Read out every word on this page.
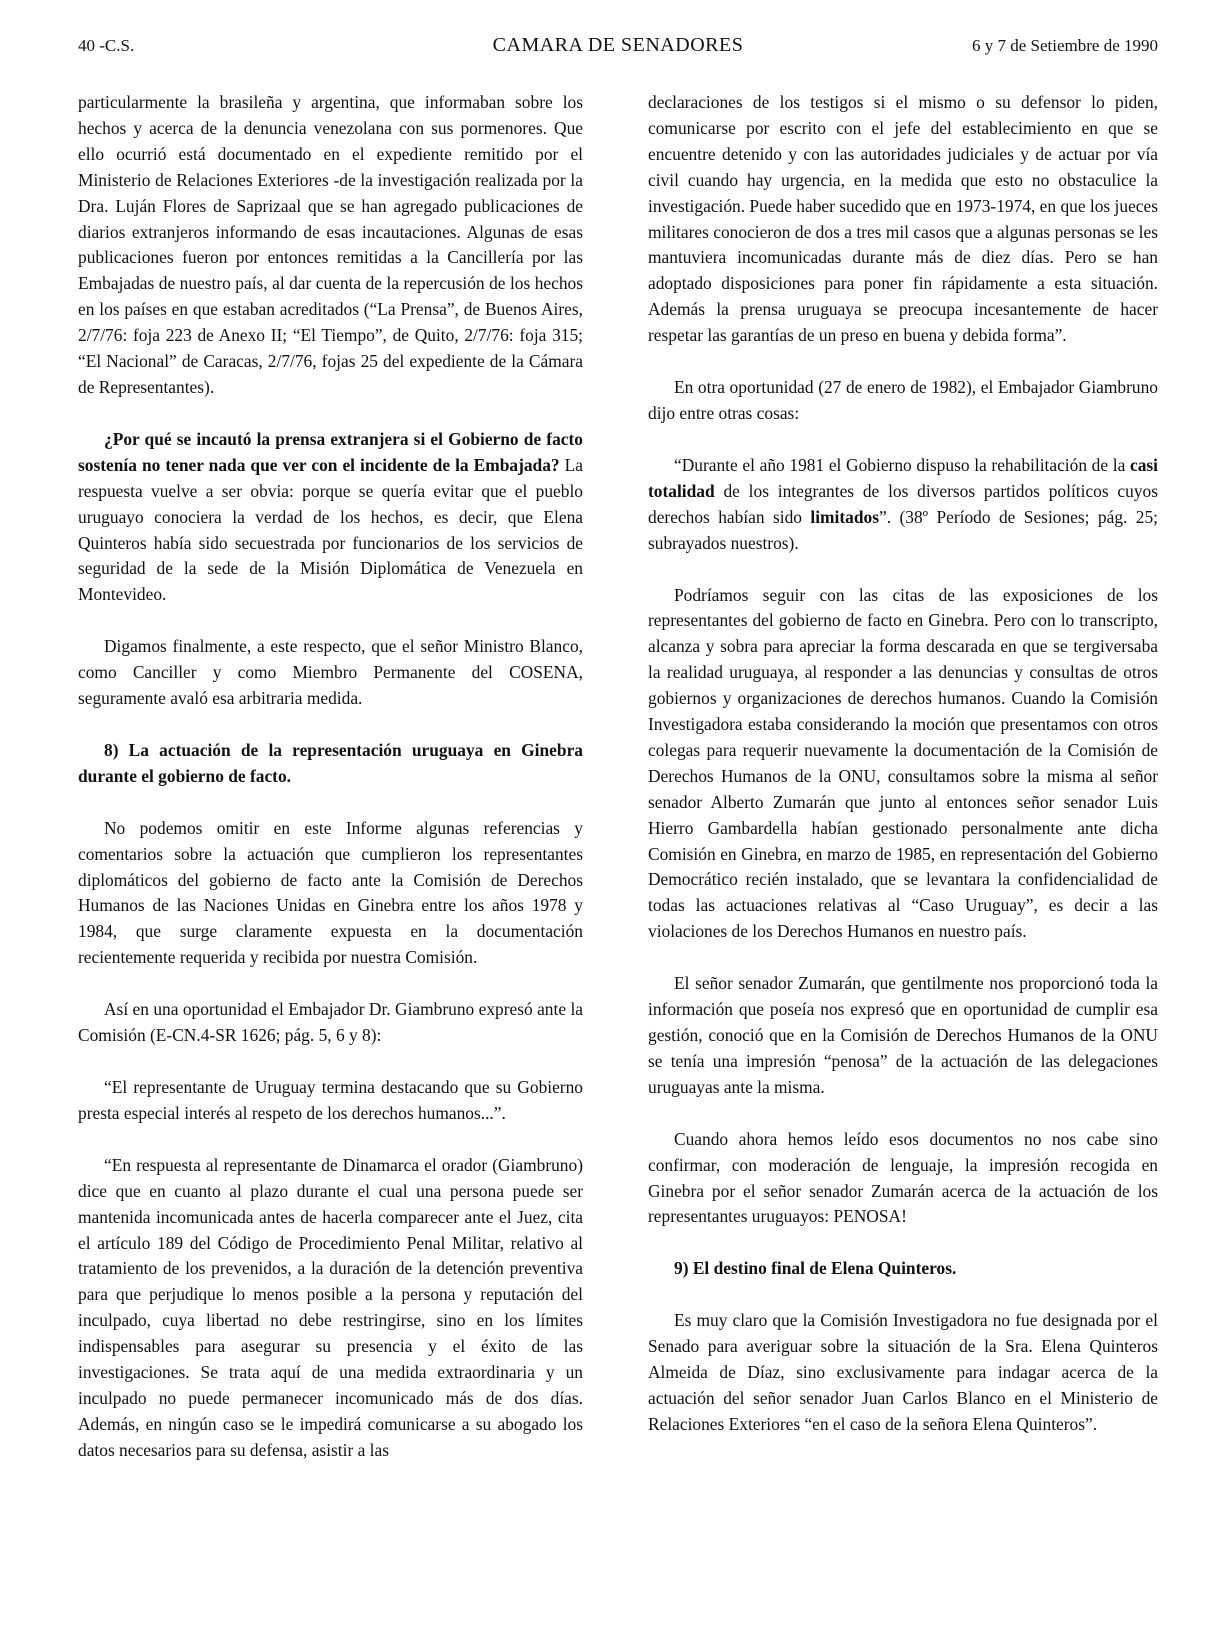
40 -C.S.	CAMARA DE SENADORES	6 y 7 de Setiembre de 1990

particularmente la brasileña y argentina, que informaban sobre los hechos y acerca de la denuncia venezolana con sus pormenores. Que ello ocurrió está documentado en el expediente remitido por el Ministerio de Relaciones Exteriores -de la investigación realizada por la Dra. Luján Flores de Saprizaal que se han agregado publicaciones de diarios extranjeros informando de esas incautaciones. Algunas de esas publicaciones fueron por entonces remitidas a la Cancillería por las Embajadas de nuestro país, al dar cuenta de la repercusión de los hechos en los países en que estaban acreditados (“La Prensa”, de Buenos Aires, 2/7/76: foja 223 de Anexo II; “El Tiempo”, de Quito, 2/7/76: foja 315; “El Nacional” de Caracas, 2/7/76, fojas 25 del expediente de la Cámara de Representantes).

¿Por qué se incautó la prensa extranjera si el Gobierno de facto sostenía no tener nada que ver con el incidente de la Embajada? La respuesta vuelve a ser obvia: porque se quería evitar que el pueblo uruguayo conociera la verdad de los hechos, es decir, que Elena Quinteros había sido secuestrada por funcionarios de los servicios de seguridad de la sede de la Misión Diplomática de Venezuela en Montevideo.

Digamos finalmente, a este respecto, que el señor Ministro Blanco, como Canciller y como Miembro Permanente del COSENA, seguramente avaló esa arbitraria medida.

8) La actuación de la representación uruguaya en Ginebra durante el gobierno de facto.

No podemos omitir en este Informe algunas referencias y comentarios sobre la actuación que cumplieron los representantes diplomáticos del gobierno de facto ante la Comisión de Derechos Humanos de las Naciones Unidas en Ginebra entre los años 1978 y 1984, que surge claramente expuesta en la documentación recientemente requerida y recibida por nuestra Comisión.

Así en una oportunidad el Embajador Dr. Giambruno expresó ante la Comisión (E-CN.4-SR 1626; pág. 5, 6 y 8):

“El representante de Uruguay termina destacando que su Gobierno presta especial interés al respeto de los derechos humanos...”.

“En respuesta al representante de Dinamarca el orador (Giambruno) dice que en cuanto al plazo durante el cual una persona puede ser mantenida incomunicada antes de hacerla comparecer ante el Juez, cita el artículo 189 del Código de Procedimiento Penal Militar, relativo al tratamiento de los prevenidos, a la duración de la detención preventiva para que perjudique lo menos posible a la persona y reputación del inculpado, cuya libertad no debe restringirse, sino en los límites indispensables para asegurar su presencia y el éxito de las investigaciones. Se trata aquí de una medida extraordinaria y un inculpado no puede permanecer incomunicado más de dos días. Además, en ningún caso se le impedirá comunicarse a su abogado los datos necesarios para su defensa, asistir a las

declaraciones de los testigos si el mismo o su defensor lo piden, comunicarse por escrito con el jefe del establecimiento en que se encuentre detenido y con las autoridades judiciales y de actuar por vía civil cuando hay urgencia, en la medida que esto no obstaculice la investigación. Puede haber sucedido que en 1973-1974, en que los jueces militares conocieron de dos a tres mil casos que a algunas personas se les mantuviera incomunicadas durante más de diez días. Pero se han adoptado disposiciones para poner fin rápidamente a esta situación. Además la prensa uruguaya se preocupa incesantemente de hacer respetar las garantías de un preso en buena y debida forma”.

En otra oportunidad (27 de enero de 1982), el Embajador Giambruno dijo entre otras cosas:

“Durante el año 1981 el Gobierno dispuso la rehabilitación de la casi totalidad de los integrantes de los diversos partidos políticos cuyos derechos habían sido limitados”. (38º Período de Sesiones; pág. 25; subrayados nuestros).

Podríamos seguir con las citas de las exposiciones de los representantes del gobierno de facto en Ginebra. Pero con lo transcripto, alcanza y sobra para apreciar la forma descarada en que se tergiversaba la realidad uruguaya, al responder a las denuncias y consultas de otros gobiernos y organizaciones de derechos humanos. Cuando la Comisión Investigadora estaba considerando la moción que presentamos con otros colegas para requerir nuevamente la documentación de la Comisión de Derechos Humanos de la ONU, consultamos sobre la misma al señor senador Alberto Zumarán que junto al entonces señor senador Luis Hierro Gambardella habían gestionado personalmente ante dicha Comisión en Ginebra, en marzo de 1985, en representación del Gobierno Democrático recién instalado, que se levantara la confidencialidad de todas las actuaciones relativas al “Caso Uruguay”, es decir a las violaciones de los Derechos Humanos en nuestro país.

El señor senador Zumarán, que gentilmente nos proporcionó toda la información que poseía nos expresó que en oportunidad de cumplir esa gestión, conoció que en la Comisión de Derechos Humanos de la ONU se tenía una impresión “penosa” de la actuación de las delegaciones uruguayas ante la misma.

Cuando ahora hemos leído esos documentos no nos cabe sino confirmar, con moderación de lenguaje, la impresión recogida en Ginebra por el señor senador Zumarán acerca de la actuación de los representantes uruguayos: PENOSA!

9) El destino final de Elena Quinteros.

Es muy claro que la Comisión Investigadora no fue designada por el Senado para averiguar sobre la situación de la Sra. Elena Quinteros Almeida de Díaz, sino exclusivamente para indagar acerca de la actuación del señor senador Juan Carlos Blanco en el Ministerio de Relaciones Exteriores “en el caso de la señora Elena Quinteros”.
